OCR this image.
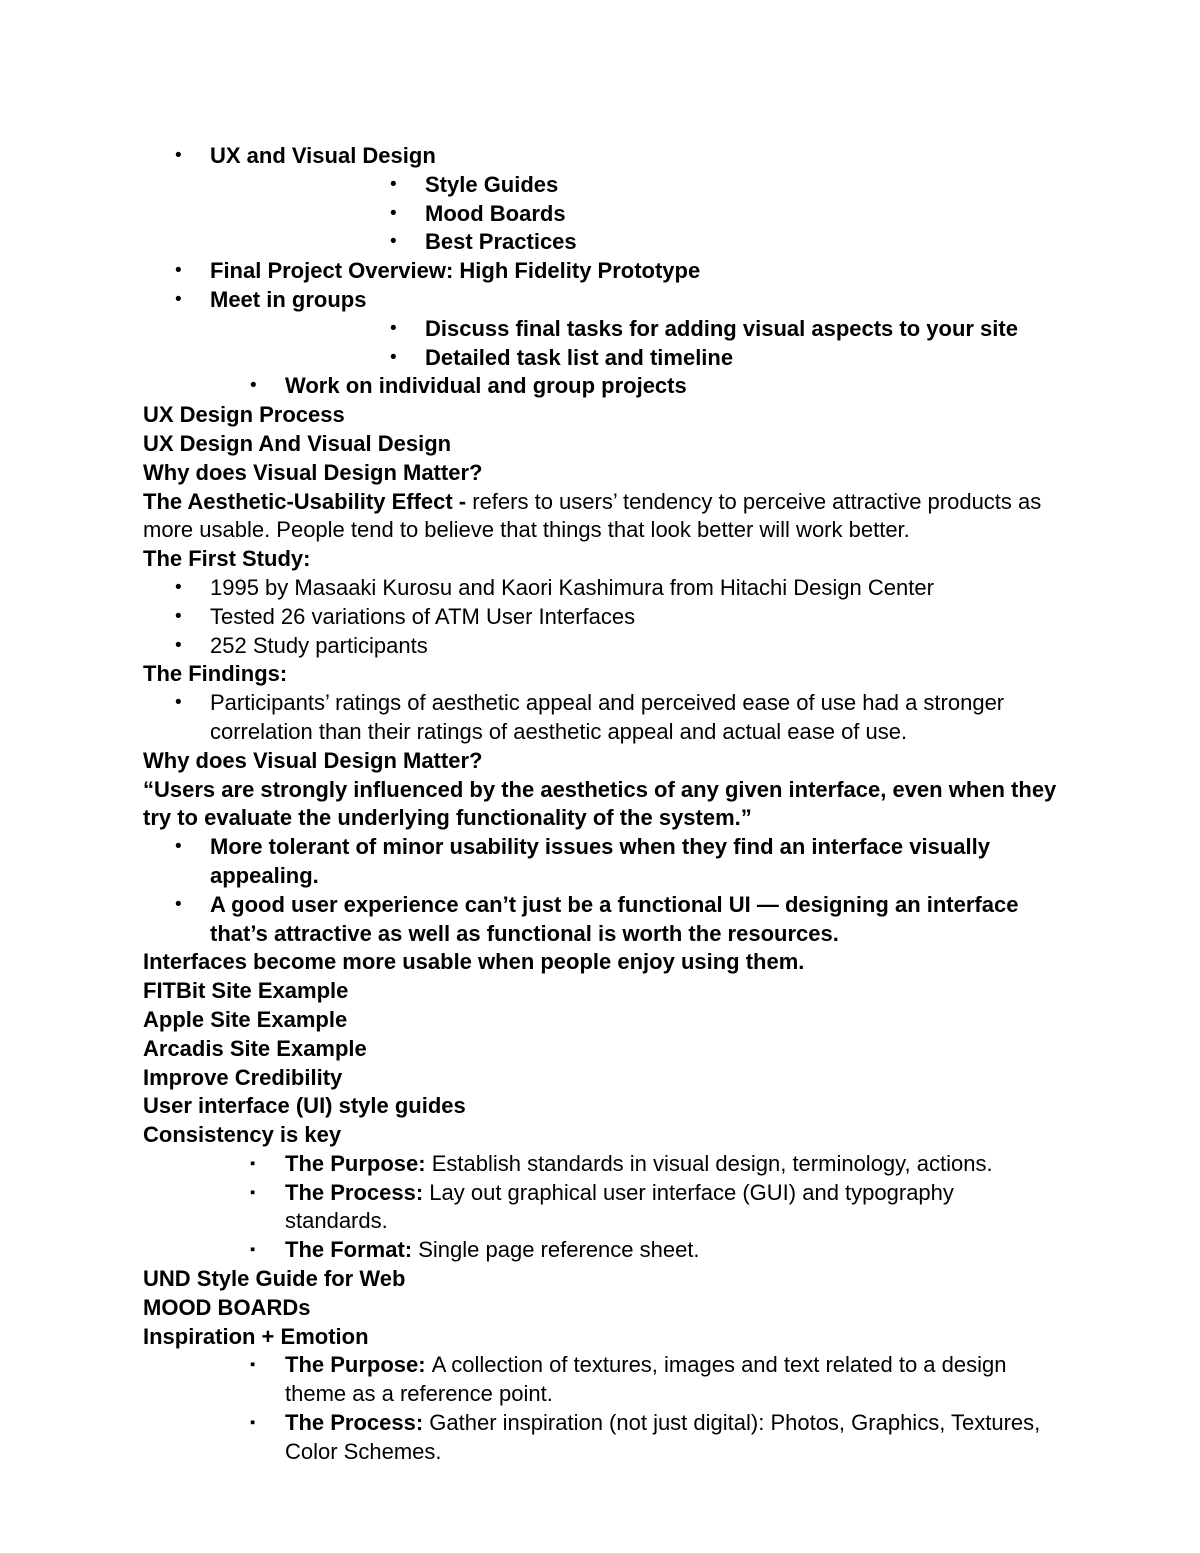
• UX and Visual Design
• Style Guides
• Mood Boards
• Best Practices
• Final Project Overview: High Fidelity Prototype
• Meet in groups
• Discuss final tasks for adding visual aspects to your site
• Detailed task list and timeline
• Work on individual and group projects
UX Design Process
UX Design And Visual Design
Why does Visual Design Matter?
The Aesthetic-Usability Effect - refers to users’ tendency to perceive attractive products as more usable. People tend to believe that things that look better will work better.
The First Study:
• 1995 by Masaaki Kurosu and Kaori Kashimura from Hitachi Design Center
• Tested 26 variations of ATM User Interfaces
• 252 Study participants
The Findings:
• Participants’ ratings of aesthetic appeal and perceived ease of use had a stronger correlation than their ratings of aesthetic appeal and actual ease of use.
Why does Visual Design Matter?
“Users are strongly influenced by the aesthetics of any given interface, even when they try to evaluate the underlying functionality of the system.”
• More tolerant of minor usability issues when they find an interface visually appealing.
• A good user experience can’t just be a functional UI — designing an interface that’s attractive as well as functional is worth the resources.
Interfaces become more usable when people enjoy using them.
FITBit Site Example
Apple Site Example
Arcadis Site Example
Improve Credibility
User interface (UI) style guides
Consistency is key
▪ The Purpose: Establish standards in visual design, terminology, actions.
▪ The Process: Lay out graphical user interface (GUI) and typography standards.
▪ The Format: Single page reference sheet.
UND Style Guide for Web
MOOD BOARDs
Inspiration + Emotion
▪ The Purpose: A collection of textures, images and text related to a design theme as a reference point.
▪ The Process: Gather inspiration (not just digital): Photos, Graphics, Textures, Color Schemes.
